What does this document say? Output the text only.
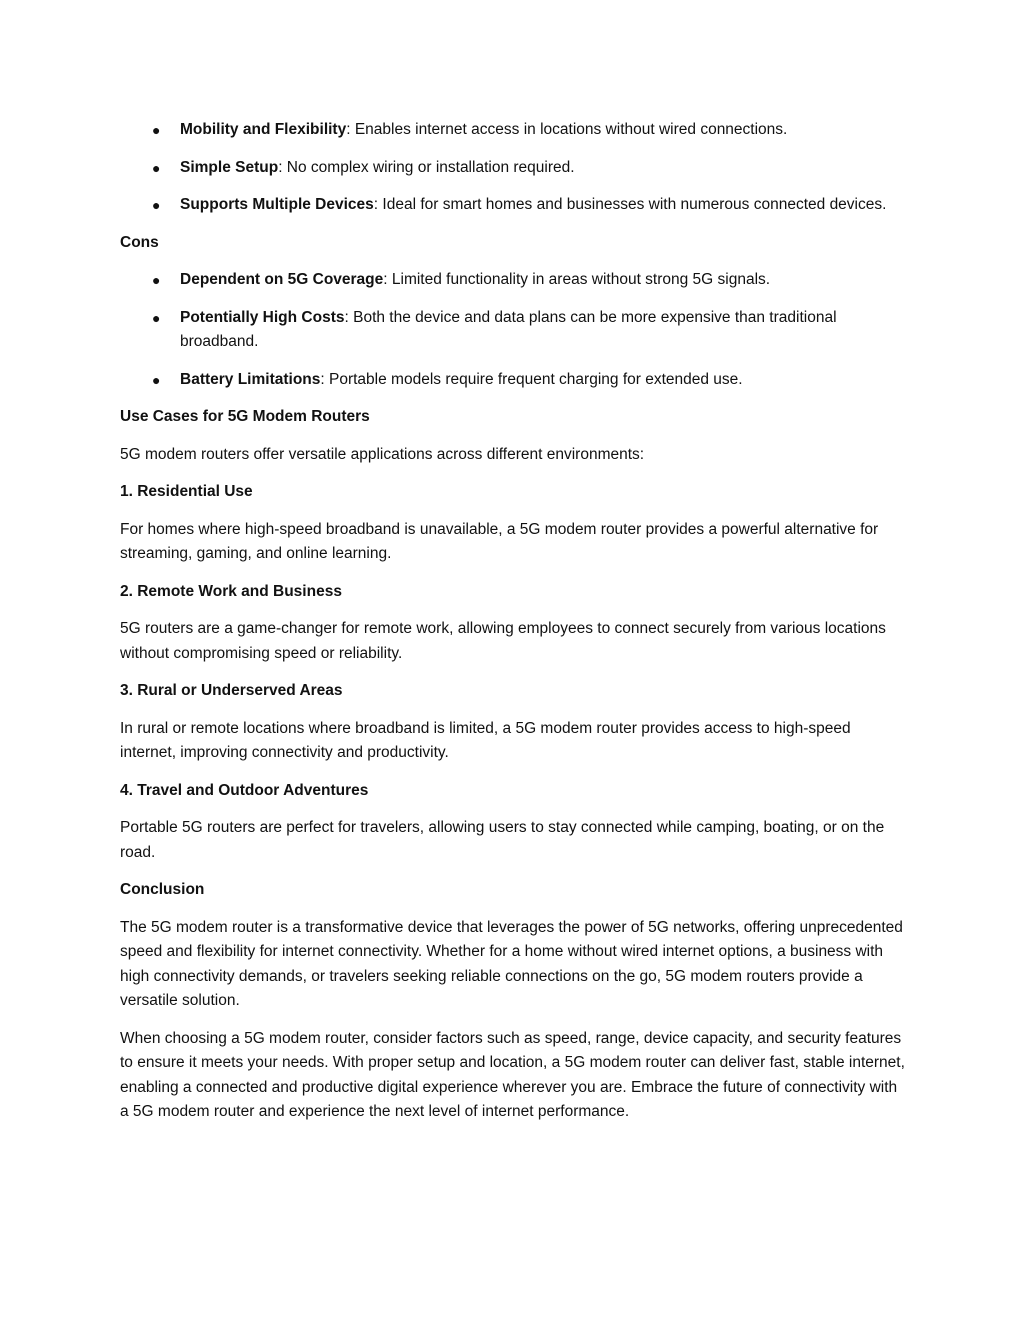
● Mobility and Flexibility: Enables internet access in locations without wired connections.
● Simple Setup: No complex wiring or installation required.
● Supports Multiple Devices: Ideal for smart homes and businesses with numerous connected devices.

Cons

● Dependent on 5G Coverage: Limited functionality in areas without strong 5G signals.
● Potentially High Costs: Both the device and data plans can be more expensive than traditional broadband.
● Battery Limitations: Portable models require frequent charging for extended use.

Use Cases for 5G Modem Routers

5G modem routers offer versatile applications across different environments:

1. Residential Use

For homes where high-speed broadband is unavailable, a 5G modem router provides a powerful alternative for streaming, gaming, and online learning.

2. Remote Work and Business

5G routers are a game-changer for remote work, allowing employees to connect securely from various locations without compromising speed or reliability.

3. Rural or Underserved Areas

In rural or remote locations where broadband is limited, a 5G modem router provides access to high-speed internet, improving connectivity and productivity.

4. Travel and Outdoor Adventures

Portable 5G routers are perfect for travelers, allowing users to stay connected while camping, boating, or on the road.

Conclusion

The 5G modem router is a transformative device that leverages the power of 5G networks, offering unprecedented speed and flexibility for internet connectivity. Whether for a home without wired internet options, a business with high connectivity demands, or travelers seeking reliable connections on the go, 5G modem routers provide a versatile solution.

When choosing a 5G modem router, consider factors such as speed, range, device capacity, and security features to ensure it meets your needs. With proper setup and location, a 5G modem router can deliver fast, stable internet, enabling a connected and productive digital experience wherever you are. Embrace the future of connectivity with a 5G modem router and experience the next level of internet performance.
